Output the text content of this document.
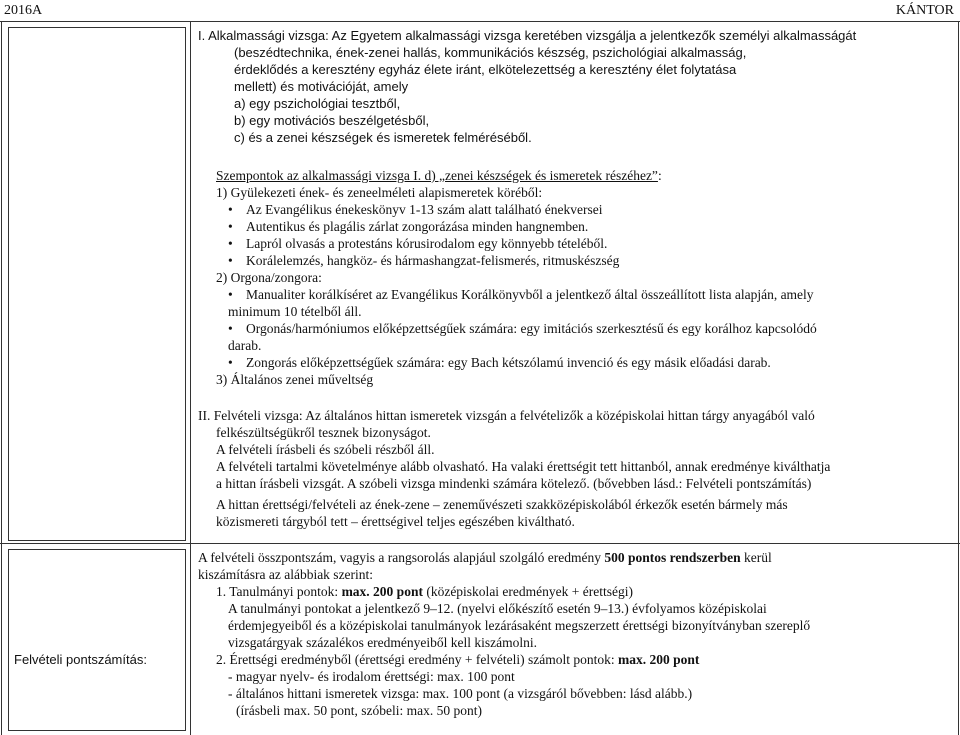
2016A	KÁNTOR
Felvételi pontszámítás:

I. Alkalmassági vizsga: Az Egyetem alkalmassági vizsga keretében vizsgálja a jelentkezők személyi alkalmasságát

(beszédtechnika, ének-zenei hallás, kommunikációs készség, pszichológiai alkalmasság,

érdeklődés a keresztény egyház élete iránt, elkötelezettség a keresztény élet folytatása

mellett) és motivációját, amely

a) egy pszichológiai tesztből,

b) egy motivációs beszélgetésből,

c) és a zenei készségek és ismeretek felméréséből.

Szempontok az alkalmassági vizsga I. d) „zenei készségek és ismeretek részéhez”:

1) Gyülekezeti ének- és zeneelméleti alapismeretek köréből:

• Az Evangélikus énekeskönyv 1-13 szám alatt található énekversei

• Autentikus és plagális zárlat zongorázása minden hangnemben.

• Lapról olvasás a protestáns kórusirodalom egy könnyebb tételéből.

• Korálelemzés, hangköz- és hármashangzat-felismerés, ritmuskészség

2) Orgona/zongora:

• Manualiter korálkíséret az Evangélikus Korálkönyvből a jelentkező által összeállított lista alapján, amely

minimum 10 tételből áll.

• Orgonás/harmóniumos előképzettségűek számára: egy imitációs szerkesztésű és egy korálhoz kapcsolódó

darab.

• Zongorás előképzettségűek számára: egy Bach kétszólamú invenció és egy másik előadási darab.

3) Általános zenei műveltség

II. Felvételi vizsga: Az általános hittan ismeretek vizsgán a felvételizők a középiskolai hittan tárgy anyagából való

felkészültségükről tesznek bizonyságot.

A felvételi írásbeli és szóbeli részből áll.

A felvételi tartalmi követelménye alább olvasható. Ha valaki érettségit tett hittanból, annak eredménye kiválthatja

a hittan írásbeli vizsgát. A szóbeli vizsga mindenki számára kötelező. (bővebben lásd.: Felvételi pontszámítás)

A hittan érettségi/felvételi az ének-zene – zeneművészeti szakközépiskolából érkezők esetén bármely más

közismereti tárgyból tett – érettségivel teljes egészében kiváltható.

A felvételi összpontszám, vagyis a rangsorolás alapjául szolgáló eredmény 500 pontos rendszerben kerül

kiszámításra az alábbiak szerint:

1. Tanulmányi pontok: max. 200 pont (középiskolai eredmények + érettségi)

A tanulmányi pontokat a jelentkező 9–12. (nyelvi előkészítő esetén 9–13.) évfolyamos középiskolai

érdemjegyeiből és a középiskolai tanulmányok lezárásaként megszerzett érettségi bizonyítványban szereplő

vizsgatárgyak százalékos eredményeiből kell kiszámolni.

2. Érettségi eredményből (érettségi eredmény + felvételi) számolt pontok: max. 200 pont

- magyar nyelv- és irodalom érettségi: max. 100 pont

- általános hittani ismeretek vizsga: max. 100 pont (a vizsgáról bővebben: lásd alább.)

(írásbeli max. 50 pont, szóbeli: max. 50 pont)
